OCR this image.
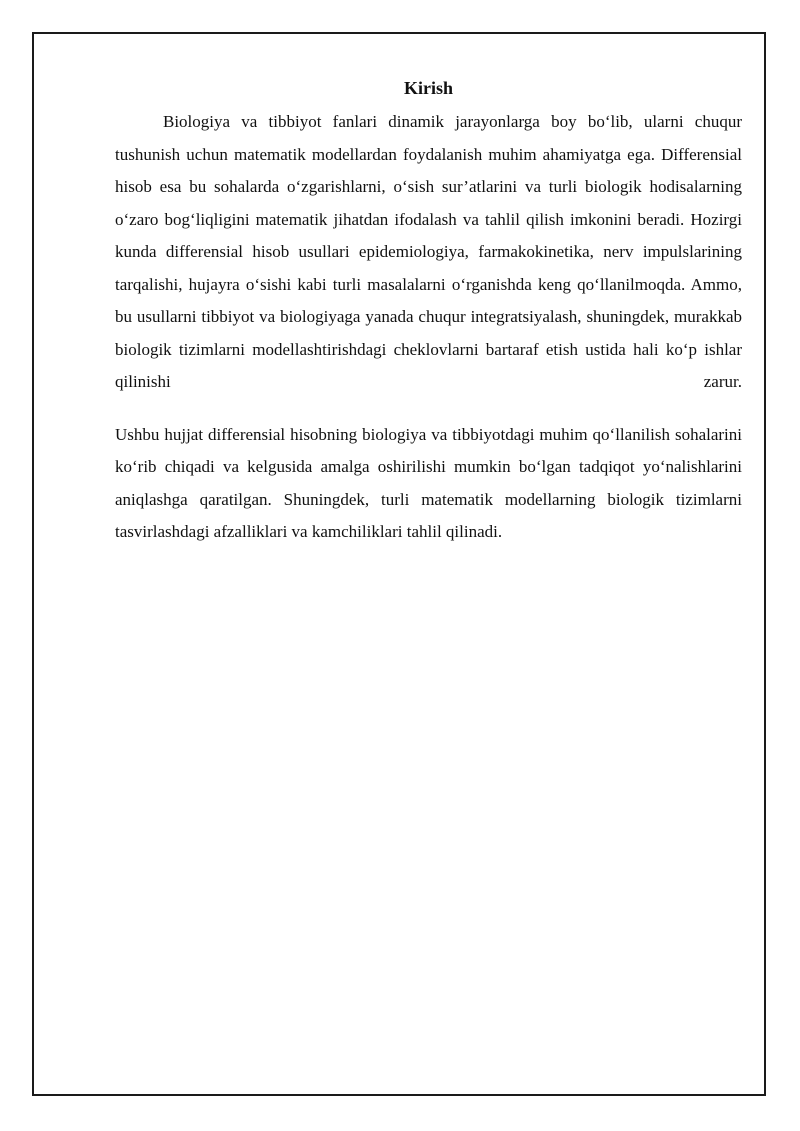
Kirish

Biologiya va tibbiyot fanlari dinamik jarayonlarga boy bo‘lib, ularni chuqur tushunish uchun matematik modellardan foydalanish muhim ahamiyatga ega. Differensial hisob esa bu sohalarda o‘zgarishlarni, o‘sish sur’atlarini va turli biologik hodisalarning o‘zaro bog‘liqligini matematik jihatdan ifodalash va tahlil qilish imkonini beradi. Hozirgi kunda differensial hisob usullari epidemiologiya, farmakokinetika, nerv impulslarining tarqalishi, hujayra o‘sishi kabi turli masalalarni o‘rganishda keng qo‘llanilmoqda. Ammo, bu usullarni tibbiyot va biologiyaga yanada chuqur integratsiyalash, shuningdek, murakkab biologik tizimlarni modellashtirishdagi cheklovlarni bartaraf etish ustida hali ko‘p ishlar qilinishi zarur.

Ushbu hujjat differensial hisobning biologiya va tibbiyotdagi muhim qo‘llanilish sohalarini ko‘rib chiqadi va kelgusida amalga oshirilishi mumkin bo‘lgan tadqiqot yo‘nalishlarini aniqlashga qaratilgan. Shuningdek, turli matematik modellarning biologik tizimlarni tasvirlashdagi afzalliklari va kamchiliklari tahlil qilinadi.
